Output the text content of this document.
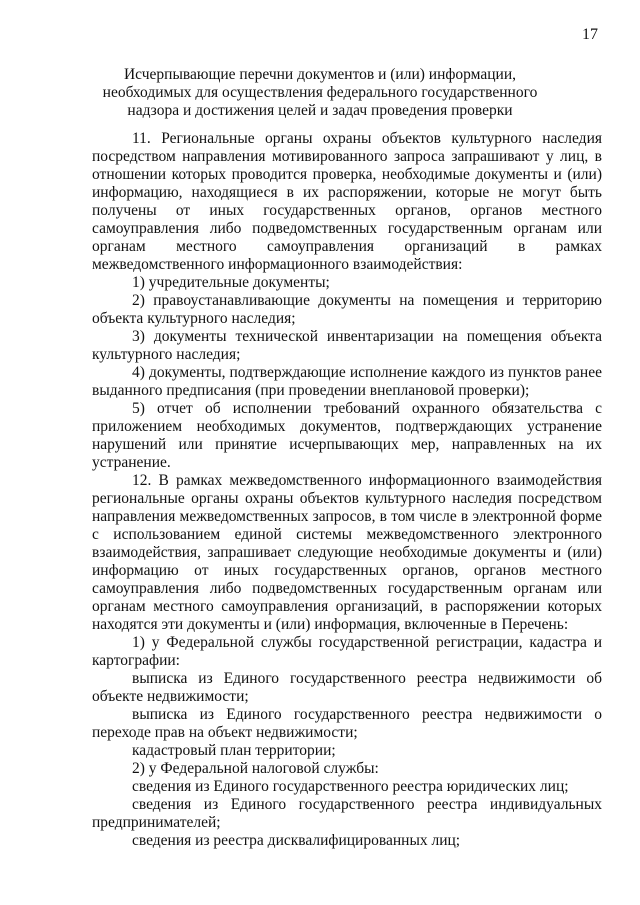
17
Исчерпывающие перечни документов и (или) информации,
необходимых для осуществления федерального государственного
надзора и достижения целей и задач проведения проверки

11. Региональные органы охраны объектов культурного наследия посредством направления мотивированного запроса запрашивают у лиц, в отношении которых проводится проверка, необходимые документы и (или) информацию, находящиеся в их распоряжении, которые не могут быть получены от иных государственных органов, органов местного самоуправления либо подведомственных государственным органам или органам местного самоуправления организаций в рамках межведомственного информационного взаимодействия:

1) учредительные документы;

2) правоустанавливающие документы на помещения и территорию объекта культурного наследия;

3) документы технической инвентаризации на помещения объекта культурного наследия;

4) документы, подтверждающие исполнение каждого из пунктов ранее выданного предписания (при проведении внеплановой проверки);

5) отчет об исполнении требований охранного обязательства с приложением необходимых документов, подтверждающих устранение нарушений или принятие исчерпывающих мер, направленных на их устранение.

12. В рамках межведомственного информационного взаимодействия региональные органы охраны объектов культурного наследия посредством направления межведомственных запросов, в том числе в электронной форме с использованием единой системы межведомственного электронного взаимодействия, запрашивает следующие необходимые документы и (или) информацию от иных государственных органов, органов местного самоуправления либо подведомственных государственным органам или органам местного самоуправления организаций, в распоряжении которых находятся эти документы и (или) информация, включенные в Перечень:

1) у Федеральной службы государственной регистрации, кадастра и картографии:

выписка из Единого государственного реестра недвижимости об объекте недвижимости;

выписка из Единого государственного реестра недвижимости о переходе прав на объект недвижимости;

кадастровый план территории;

2) у Федеральной налоговой службы:

сведения из Единого государственного реестра юридических лиц;

сведения из Единого государственного реестра индивидуальных предпринимателей;

сведения из реестра дисквалифицированных лиц;
